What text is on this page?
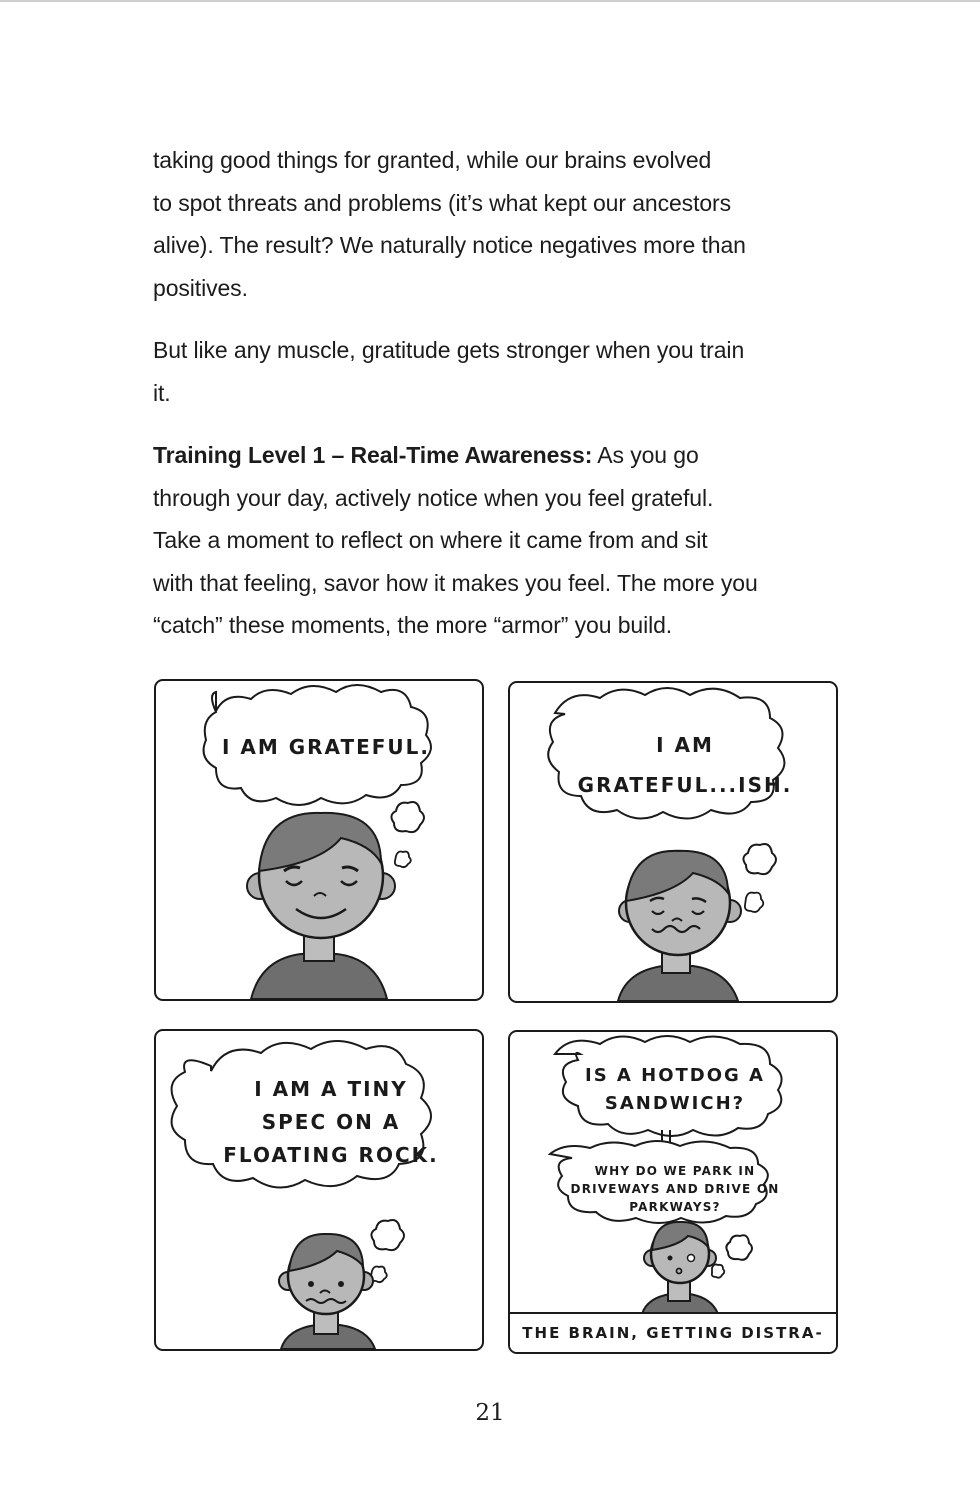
taking good things for granted, while our brains evolved

to spot threats and problems (it’s what kept our ancestors

alive). The result? We naturally notice negatives more than

positives.

But like any muscle, gratitude gets stronger when you train

it.

Training Level 1 – Real-Time Awareness: As you go

through your day, actively notice when you feel grateful.

Take a moment to reflect on where it came from and sit

with that feeling, savor how it makes you feel. The more you

“catch” these moments, the more “armor” you build.

I AM GRATEFUL.	I AM
GRATEFUL...ISH.
I AM A TINY
SPEC ON A
FLOATING ROCK.
IS A HOTDOG A
SANDWICH?
WHY DO WE PARK IN
DRIVEWAYS AND DRIVE ON
PARKWAYS?
THE BRAIN, GETTING DISTRA-
21
